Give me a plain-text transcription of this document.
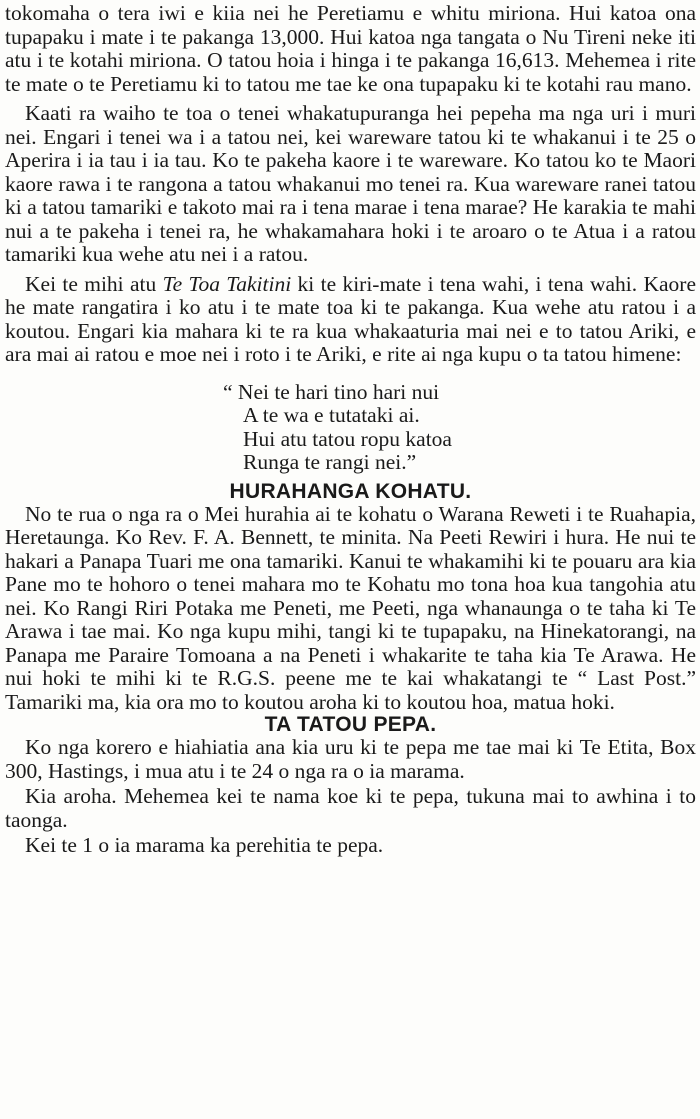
tokomaha o tera iwi e kiia nei he Peretiamu e whitu miriona. Hui katoa ona tupapaku i mate i te pakanga 13,000. Hui katoa nga tangata o Nu Tireni neke iti atu i te kotahi miriona. O tatou hoia i hinga i te pakanga 16,613. Mehemea i rite te mate o te Peretiamu ki to tatou me tae ke ona tupapaku ki te kotahi rau mano.

Kaati ra waiho te toa o tenei whakatupuranga hei pepeha ma nga uri i muri nei. Engari i tenei wa i a tatou nei, kei wareware tatou ki te whakanui i te 25 o Aperira i ia tau i ia tau. Ko te pakeha kaore i te wareware. Ko tatou ko te Maori kaore rawa i te rangona a tatou whakanui mo tenei ra. Kua wareware ranei tatou ki a tatou tamariki e takoto mai ra i tena marae i tena marae? He karakia te mahi nui a te pakeha i tenei ra, he whakamahara hoki i te aroaro o te Atua i a ratou tamariki kua wehe atu nei i a ratou.

Kei te mihi atu Te Toa Takitini ki te kiri-mate i tena wahi, i tena wahi. Kaore he mate rangatira i ko atu i te mate toa ki te pakanga. Kua wehe atu ratou i a koutou. Engari kia mahara ki te ra kua whakaaturia mai nei e to tatou Ariki, e ara mai ai ratou e moe nei i roto i te Ariki, e rite ai nga kupu o ta tatou himene:

“ Nei te hari tino hari nui
A te wa e tutataki ai.
Hui atu tatou ropu katoa
Runga te rangi nei.”
HURAHANGA KOHATU.

No te rua o nga ra o Mei hurahia ai te kohatu o Warana Reweti i te Ruahapia, Heretaunga. Ko Rev. F. A. Bennett, te minita. Na Peeti Rewiri i hura. He nui te hakari a Panapa Tuari me ona tamariki. Kanui te whakamihi ki te pouaru ara kia Pane mo te hohoro o tenei mahara mo te Kohatu mo tona hoa kua tangohia atu nei. Ko Rangi Riri Potaka me Peneti, me Peeti, nga whanaunga o te taha ki Te Arawa i tae mai. Ko nga kupu mihi, tangi ki te tupapaku, na Hinekatorangi, na Panapa me Paraire Tomoana a na Peneti i whakarite te taha kia Te Arawa. He nui hoki te mihi ki te R.G.S. peene me te kai whakatangi te “ Last Post.” Tamariki ma, kia ora mo to koutou aroha ki to koutou hoa, matua hoki.

TA TATOU PEPA.

Ko nga korero e hiahiatia ana kia uru ki te pepa me tae mai ki Te Etita, Box 300, Hastings, i mua atu i te 24 o nga ra o ia marama.

Kia aroha. Mehemea kei te nama koe ki te pepa, tukuna mai to awhina i to taonga.

Kei te 1 o ia marama ka perehitia te pepa.
